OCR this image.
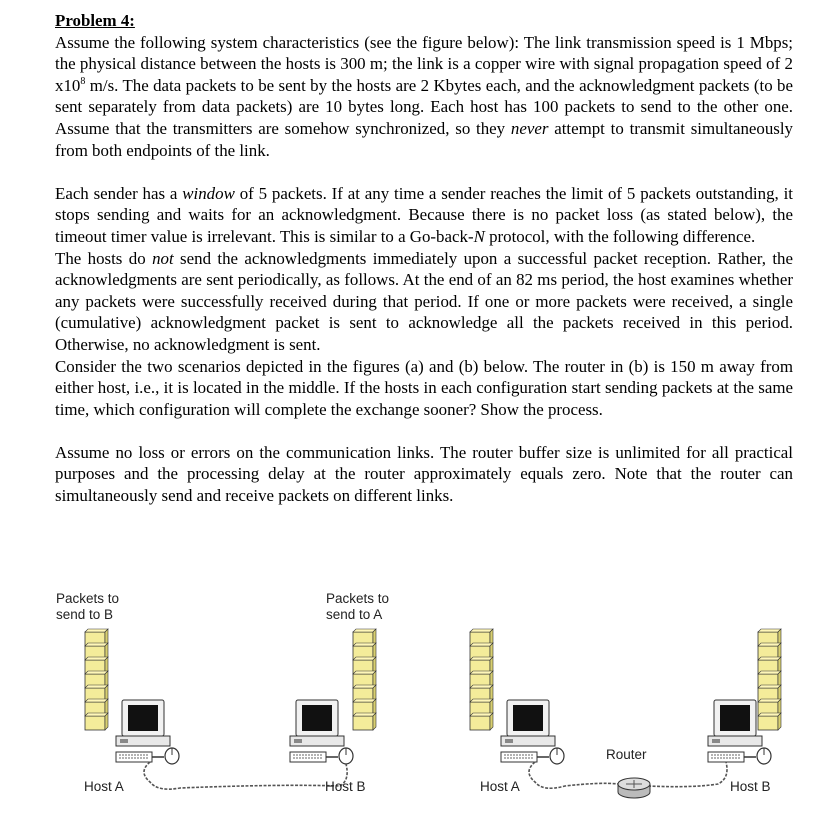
Problem 4:

Assume the following system characteristics (see the figure below): The link transmission speed is 1 Mbps; the physical distance between the hosts is 300 m; the link is a copper wire with signal propagation speed of 2 $x10^8$ m/s. The data packets to be sent by the hosts are 2 Kbytes each, and the acknowledgment packets (to be sent separately from data packets) are 10 bytes long. Each host has 100 packets to send to the other one. Assume that the transmitters are somehow synchronized, so they never attempt to transmit simultaneously from both endpoints of the link.

Each sender has a window of 5 packets. If at any time a sender reaches the limit of 5 packets outstanding, it stops sending and waits for an acknowledgment. Because there is no packet loss (as stated below), the timeout timer value is irrelevant. This is similar to a Go-back-N protocol, with the following difference.

The hosts do not send the acknowledgments immediately upon a successful packet reception. Rather, the acknowledgments are sent periodically, as follows. At the end of an 82 ms period, the host examines whether any packets were successfully received during that period. If one or more packets were received, a single (cumulative) acknowledgment packet is sent to acknowledge all the packets received in this period. Otherwise, no acknowledgment is sent.

Consider the two scenarios depicted in the figures (a) and (b) below. The router in (b) is 150 m away from either host, i.e., it is located in the middle. If the hosts in each configuration start sending packets at the same time, which configuration will complete the exchange sooner? Show the process.

Assume no loss or errors on the communication links. The router buffer size is unlimited for all practical purposes and the processing delay at the router approximately equals zero. Note that the router can simultaneously send and receive packets on different links.

Packets to
send to B
Packets to
send to A
Host A	Host B	Host A
Router
Host B
